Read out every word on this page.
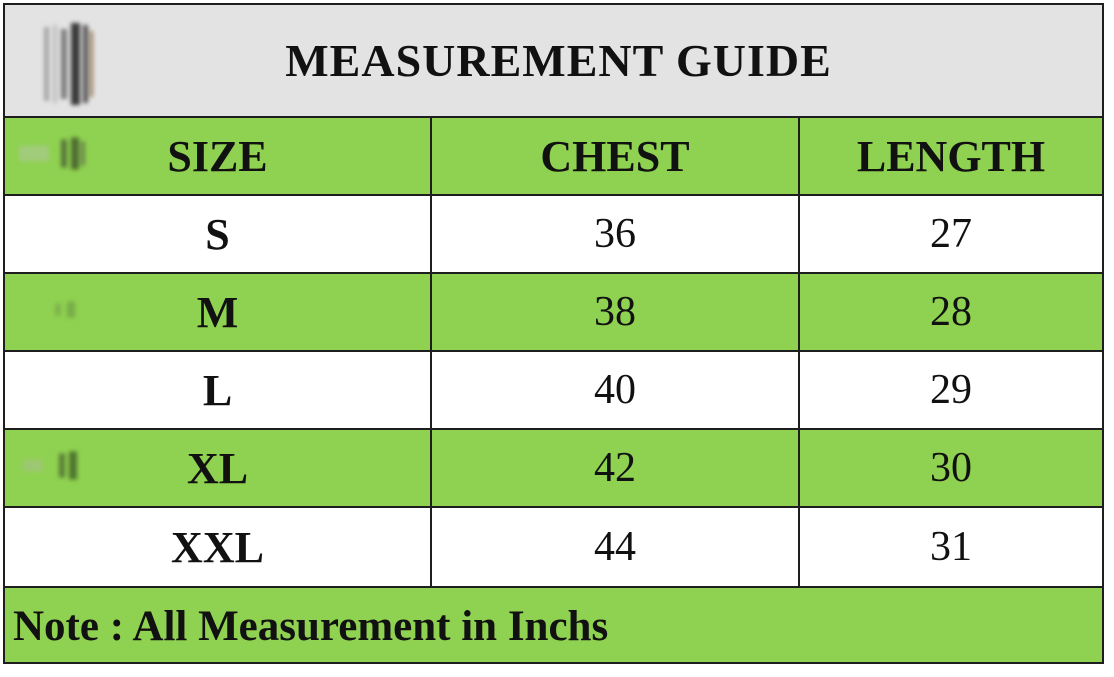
MEASUREMENT GUIDE
SIZE	CHEST	LENGTH
S	36	27
M	38	28
L	40	29
XL	42	30
XXL	44	31
Note : All Measurement in Inchs
